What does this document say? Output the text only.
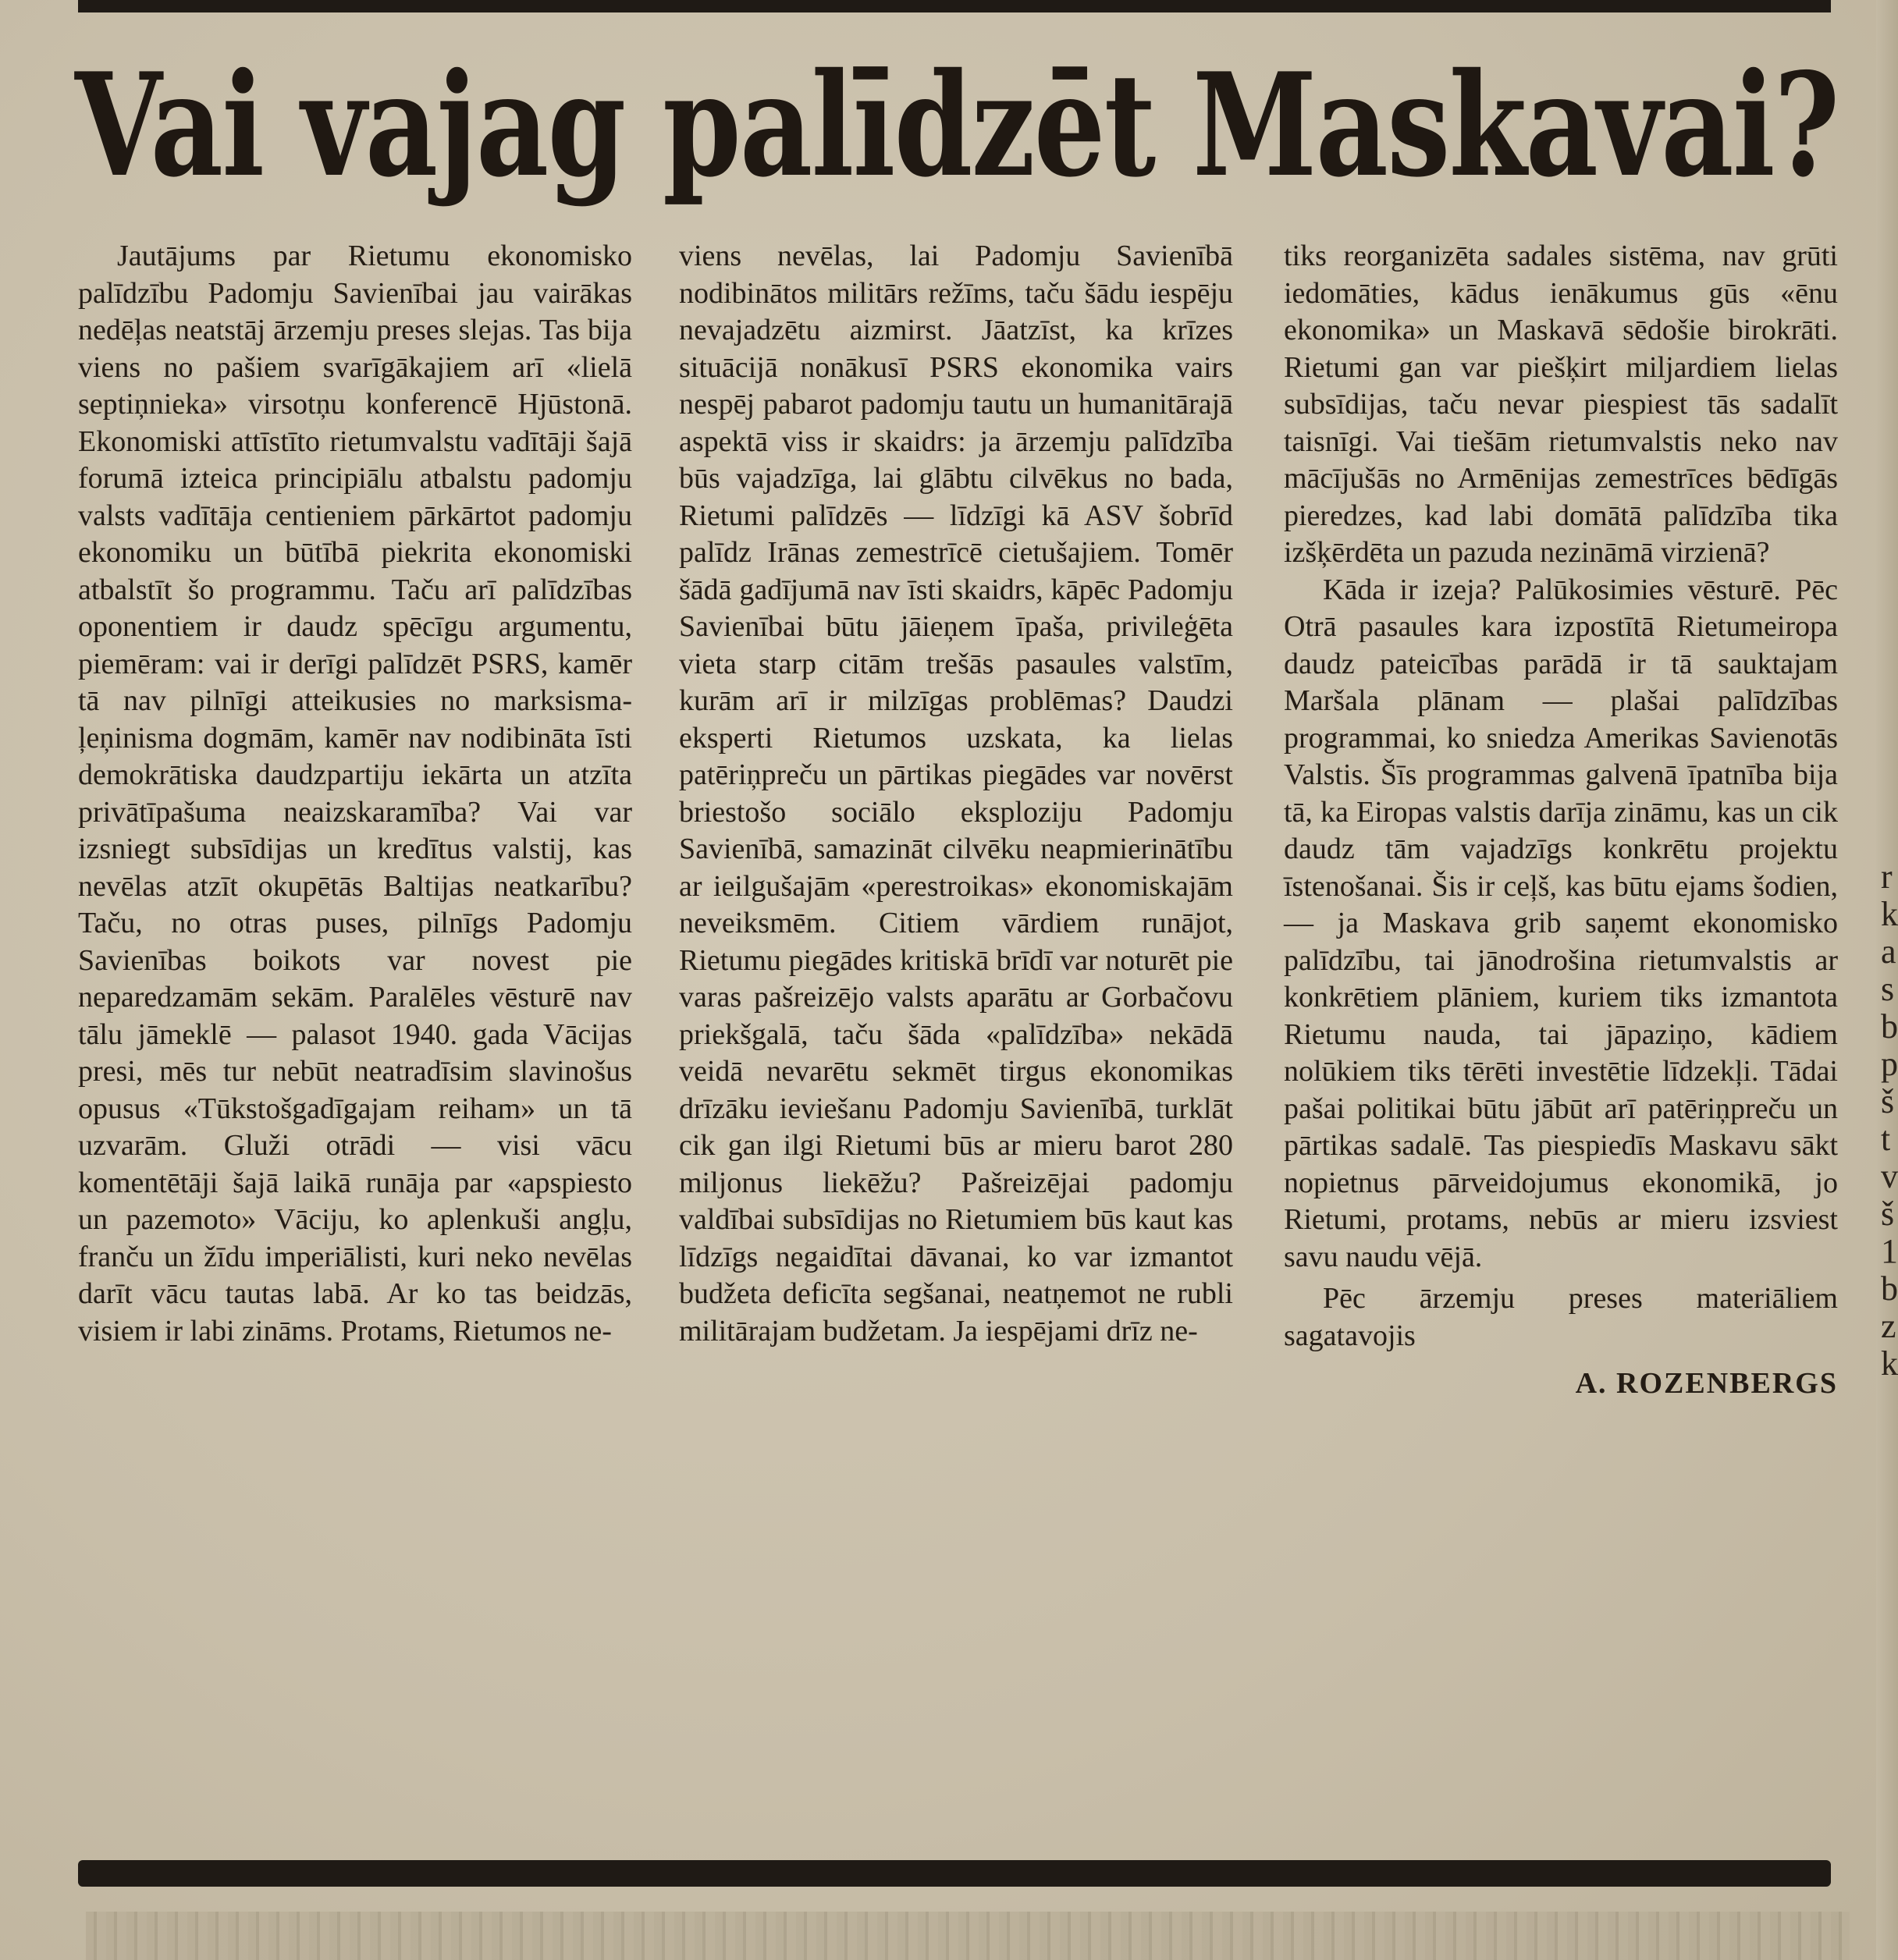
Vai vajag palīdzēt Maskavai?

Jautājums par Rietumu ekonomisko palīdzību Padomju Savienībai jau vairākas nedēļas neatstāj ārzemju preses slejas. Tas bija viens no pašiem svarīgākajiem arī «lielā septiņnieka» virsotņu konferencē Hjūstonā. Ekonomiski attīstīto rietumvalstu vadītāji šajā forumā izteica principiālu atbalstu padomju valsts vadītāja centieniem pārkārtot padomju ekonomiku un būtībā piekrita ekonomiski atbalstīt šo programmu. Taču arī palīdzības oponentiem ir daudz spēcīgu argumentu, piemēram: vai ir derīgi palīdzēt PSRS, kamēr tā nav pilnīgi atteikusies no marksisma-ļeņinisma dogmām, kamēr nav nodibināta īsti demokrātiska daudzpartiju iekārta un atzīta privātīpašuma neaizskaramība? Vai var izsniegt subsīdijas un kredītus valstij, kas nevēlas atzīt okupētās Baltijas neatkarību? Taču, no otras puses, pilnīgs Padomju Savienības boikots var novest pie neparedzamām sekām. Paralēles vēsturē nav tālu jāmeklē — palasot 1940. gada Vācijas presi, mēs tur nebūt neatradīsim slavinošus opusus «Tūkstošgadīgajam reiham» un tā uzvarām. Gluži otrādi — visi vācu komentētāji šajā laikā runāja par «apspiesto un pazemoto» Vāciju, ko aplenkuši angļu, franču un žīdu imperiālisti, kuri neko nevēlas darīt vācu tautas labā. Ar ko tas beidzās, visiem ir labi zināms. Protams, Rietumos ne-

viens nevēlas, lai Padomju Savienībā nodibinātos militārs režīms, taču šādu iespēju nevajadzētu aizmirst. Jāatzīst, ka krīzes situācijā nonākusī PSRS ekonomika vairs nespēj pabarot padomju tautu un humanitārajā aspektā viss ir skaidrs: ja ārzemju palīdzība būs vajadzīga, lai glābtu cilvēkus no bada, Rietumi palīdzēs — līdzīgi kā ASV šobrīd palīdz Irānas zemestrīcē cietušajiem. Tomēr šādā gadījumā nav īsti skaidrs, kāpēc Padomju Savienībai būtu jāieņem īpaša, privileģēta vieta starp citām trešās pasaules valstīm, kurām arī ir milzīgas problēmas? Daudzi eksperti Rietumos uzskata, ka lielas patēriņpreču un pārtikas piegādes var novērst briestošo sociālo eksploziju Padomju Savienībā, samazināt cilvēku neapmierinātību ar ieilgušajām «perestroikas» ekonomiskajām neveiksmēm. Citiem vārdiem runājot, Rietumu piegādes kritiskā brīdī var noturēt pie varas pašreizējo valsts aparātu ar Gorbačovu priekšgalā, taču šāda «palīdzība» nekādā veidā nevarētu sekmēt tirgus ekonomikas drīzāku ieviešanu Padomju Savienībā, turklāt cik gan ilgi Rietumi būs ar mieru barot 280 miljonus liekēžu? Pašreizējai padomju valdībai subsīdijas no Rietumiem būs kaut kas līdzīgs negaidītai dāvanai, ko var izmantot budžeta deficīta segšanai, neatņemot ne rubli militārajam budžetam. Ja iespējami drīz ne-

tiks reorganizēta sadales sistēma, nav grūti iedomāties, kādus ienākumus gūs «ēnu ekonomika» un Maskavā sēdošie birokrāti. Rietumi gan var piešķirt miljardiem lielas subsīdijas, taču nevar piespiest tās sadalīt taisnīgi. Vai tiešām rietumvalstis neko nav mācījušās no Armēnijas zemestrīces bēdīgās pieredzes, kad labi domātā palīdzība tika izšķērdēta un pazuda nezināmā virzienā?

Kāda ir izeja? Palūkosimies vēsturē. Pēc Otrā pasaules kara izpostītā Rietumeiropa daudz pateicības parādā ir tā sauktajam Maršala plānam — plašai palīdzības programmai, ko sniedza Amerikas Savienotās Valstis. Šīs programmas galvenā īpatnība bija tā, ka Eiropas valstis darīja zināmu, kas un cik daudz tām vajadzīgs konkrētu projektu īstenošanai. Šis ir ceļš, kas būtu ejams šodien, — ja Maskava grib saņemt ekonomisko palīdzību, tai jānodrošina rietumvalstis ar konkrētiem plāniem, kuriem tiks izmantota Rietumu nauda, tai jāpaziņo, kādiem nolūkiem tiks tērēti investētie līdzekļi. Tādai pašai politikai būtu jābūt arī patēriņpreču un pārtikas sadalē. Tas piespiedīs Maskavu sākt nopietnus pārveidojumus ekonomikā, jo Rietumi, protams, nebūs ar mieru izsviest savu naudu vējā.

Pēc ārzemju preses materiāliem sagatavojis

A. ROZENBERGS

r
k
a
s
b
p
š
t
v
š
1
b
z
k
